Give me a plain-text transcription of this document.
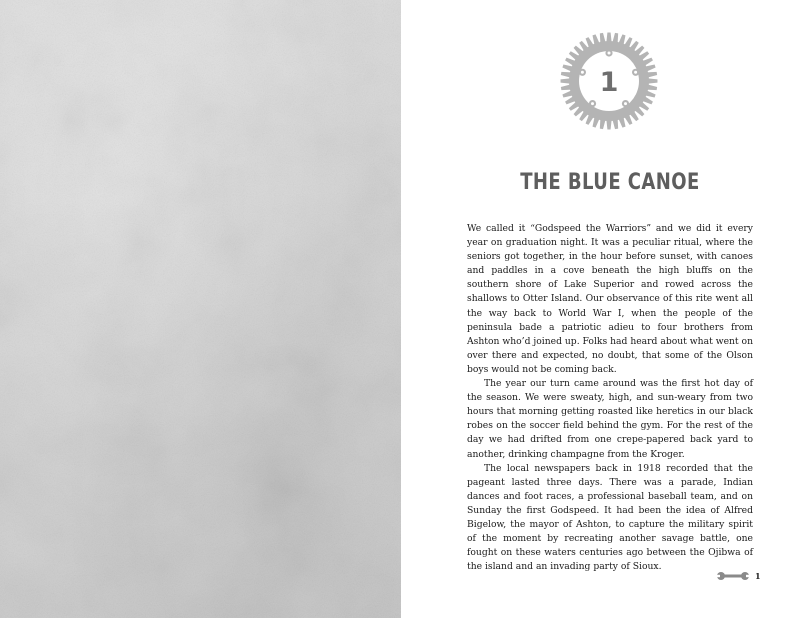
1
THE BLUE CANOE

We called it “Godspeed the Warriors” and we did it every year on graduation night. It was a peculiar ritual, where the seniors got together, in the hour before sunset, with canoes and paddles in a cove beneath the high bluffs on the southern shore of Lake Superior and rowed across the shallows to Otter Island. Our observance of this rite went all the way back to World War I, when the people of the peninsula bade a patriotic adieu to four brothers from Ashton who’d joined up. Folks had heard about what went on over there and expected, no doubt, that some of the Olson boys would not be coming back.

The year our turn came around was the first hot day of the season. We were sweaty, high, and sun-weary from two hours that morning getting roasted like heretics in our black robes on the soccer field behind the gym. For the rest of the day we had drifted from one crepe-papered back yard to another, drinking champagne from the Kroger.

The local newspapers back in 1918 recorded that the pageant lasted three days. There was a parade, Indian dances and foot races, a professional baseball team, and on Sunday the first Godspeed. It had been the idea of Alfred Bigelow, the mayor of Ashton, to capture the military spirit of the moment by recreating another savage battle, one fought on these waters centuries ago between the Ojibwa of the island and an invading party of Sioux.

1
